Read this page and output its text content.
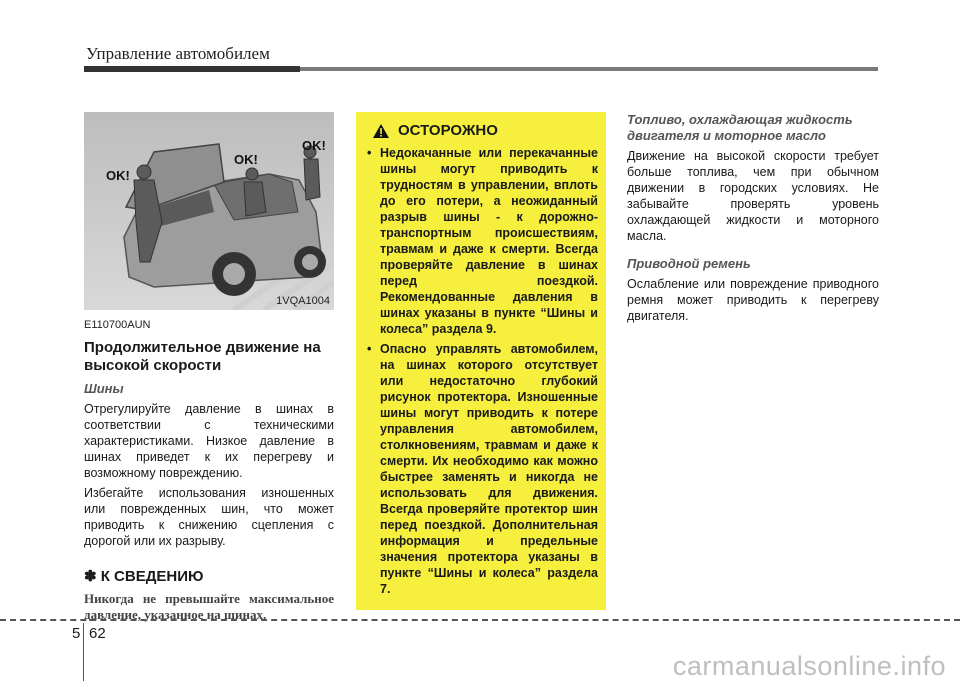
Управление автомобилем
OK!
OK!
OK!
1VQA1004
E110700AUN
Продолжительное движение на высокой скорости
Шины
Отрегулируйте давление в шинах в соответствии с техническими характеристиками. Низкое давление в шинах приведет к их перегреву и возможному повреждению.
Избегайте использования изношенных или поврежденных шин, что может приводить к снижению сцепления с дорогой или их разрыву.
✽ К СВЕДЕНИЮ
Никогда не превышайте максимальное давление, указанное на шинах.
ОСТОРОЖНО
• Недокачанные или перекачанные шины могут приводить к трудностям в управлении, вплоть до его потери, а неожиданный разрыв шины - к дорожно-транспортным происшествиям, травмам и даже к смерти. Всегда проверяйте давление в шинах перед поездкой. Рекомендованные давления в шинах указаны в пункте “Шины и колеса” раздела 9.
• Опасно управлять автомобилем, на шинах которого отсутствует или недостаточно глубокий рисунок протектора. Изношенные шины могут приводить к потере управления автомобилем, столкновениям, травмам и даже к смерти. Их необходимо как можно быстрее заменять и никогда не использовать для движения. Всегда проверяйте протектор шин перед поездкой. Дополнительная информация и предельные значения протектора указаны в пункте “Шины и колеса” раздела 7.
Топливо, охлаждающая жидкость двигателя и моторное масло
Движение на высокой скорости требует больше топлива, чем при обычном движении в городских условиях. Не забывайте проверять уровень охлаждающей жидкости и моторного масла.
Приводной ремень
Ослабление или повреждение приводного ремня может приводить к перегреву двигателя.
5 62
carmanualsonline.info
